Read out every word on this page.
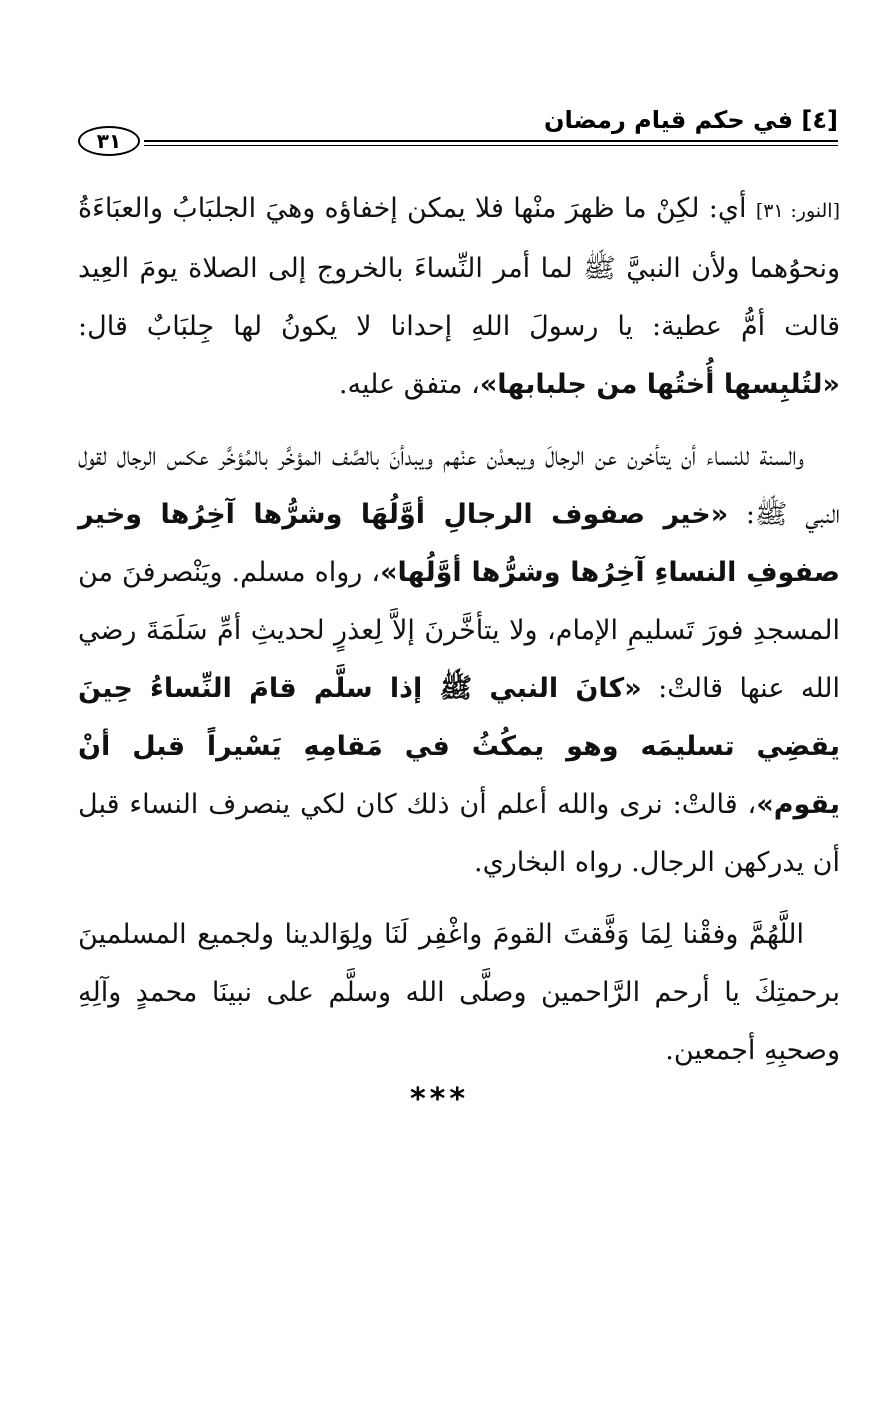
[٤] في حكم قيام رمضان
٣١

[النور: ٣١] أي: لكِنْ ما ظهرَ منْها فلا يمكن إخفاؤه وهيَ الجلبَابُ والعبَاءَةُ ونحوُهما ولأن النبيَّ ﷺ لما أمر النِّساءَ بالخروج إلى الصلاة يومَ العِيد قالت أمُّ عطية: يا رسولَ اللهِ إحدانا لا يكونُ لها جِلبَابٌ قال: «لتُلبِسها أُختُها من جلبابها»، متفق عليه.

والسنة للنساء أن يتأخرن عن الرجالَ ويبعدْن عنْهم ويبدأنَ بالصَّف المؤخَّر بالمُؤخَّر عكس الرجال لقول النبي ﷺ: «خير صفوف الرجالِ أوَّلُهَا وشرُّها آخِرُها وخير صفوفِ النساءِ آخِرُها وشرُّها أوَّلُها»، رواه مسلم. ويَنْصرفنَ من المسجدِ فورَ تَسليمِ الإمام، ولا يتأخَّرنَ إلاَّ لِعذرٍ لحديثِ أمِّ سَلَمَةَ رضي الله عنها قالتْ: «كانَ النبي ﷺ إذا سلَّم قامَ النِّساءُ حِينَ يقضِي تسليمَه وهو يمكُثُ في مَقامِهِ يَسْيراً قبل أنْ يقوم»، قالتْ: نرى والله أعلم أن ذلك كان لكي ينصرف النساء قبل أن يدركهن الرجال. رواه البخاري.

اللَّهُمَّ وفقْنا لِمَا وَفَّقتَ القومَ واغْفِر لَنَا ولِوَالدينا ولجميع المسلمينَ برحمتِكَ يا أرحم الرَّاحمين وصلَّى الله وسلَّم على نبينَا محمدٍ وآلِهِ وصحبِهِ أجمعين.

***
